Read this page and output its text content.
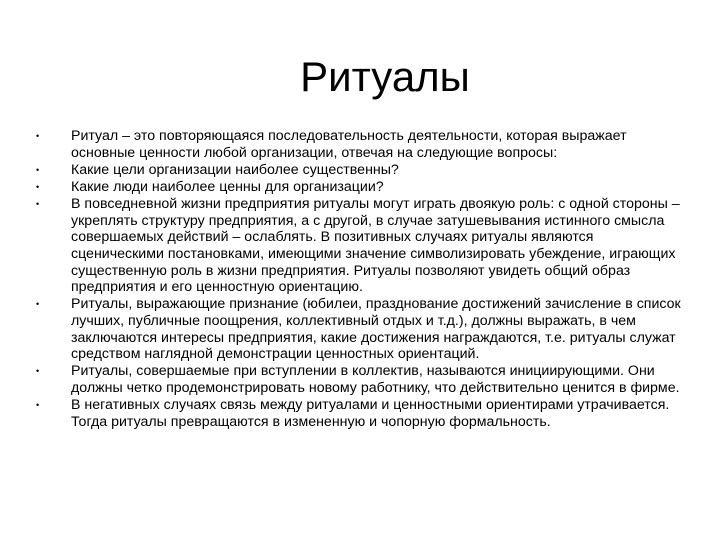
Ритуалы
•	Ритуал – это повторяющаяся последовательность деятельности, которая выражает основные ценности любой организации, отвечая на следующие вопросы:
•	Какие цели организации наиболее существенны?
•	Какие люди наиболее ценны для организации?
•	В повседневной жизни предприятия ритуалы могут играть двоякую роль: с одной стороны – укреплять структуру предприятия, а с другой, в случае затушевывания истинного смысла совершаемых действий – ослаблять. В позитивных случаях ритуалы являются сценическими постановками, имеющими значение символизировать убеждение, играющих существенную роль в жизни предприятия. Ритуалы позволяют увидеть общий образ предприятия и его ценностную ориентацию.
•	Ритуалы, выражающие признание (юбилеи, празднование достижений зачисление в список лучших, публичные поощрения, коллективный отдых и т.д.), должны выражать, в чем заключаются интересы предприятия, какие достижения награждаются, т.е. ритуалы служат средством наглядной демонстрации ценностных ориентаций.
•	Ритуалы, совершаемые при вступлении в коллектив, называются инициирующими. Они должны четко продемонстрировать новому работнику, что действительно ценится в фирме.
•	В негативных случаях связь между ритуалами и ценностными ориентирами утрачивается. Тогда ритуалы превращаются в измененную и чопорную формальность.
